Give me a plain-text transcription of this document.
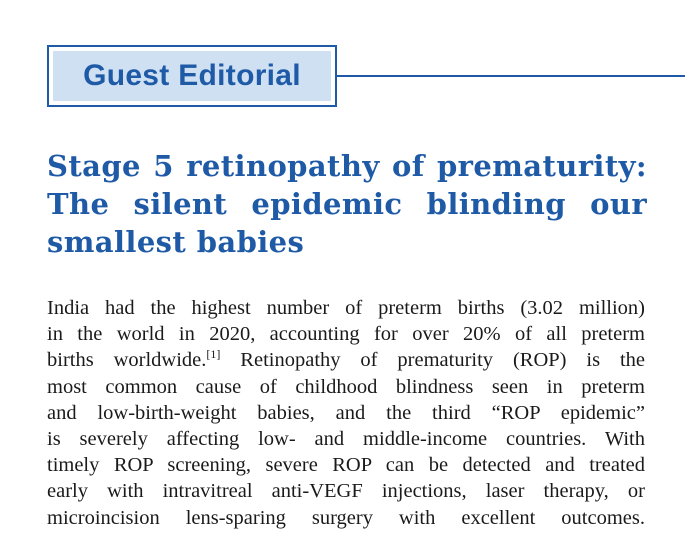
Guest Editorial
Stage 5 retinopathy of prematurity:
The silent epidemic blinding our
smallest babies
India had the highest number of preterm births (3.02 million)
in the world in 2020, accounting for over 20% of all preterm
births worldwide.[1] Retinopathy of prematurity (ROP) is the
most common cause of childhood blindness seen in preterm
and low-birth-weight babies, and the third “ROP epidemic”
is severely affecting low- and middle-income countries. With
timely ROP screening, severe ROP can be detected and treated
early with intravitreal anti-VEGF injections, laser therapy, or
microincision lens-sparing surgery with excellent outcomes.
